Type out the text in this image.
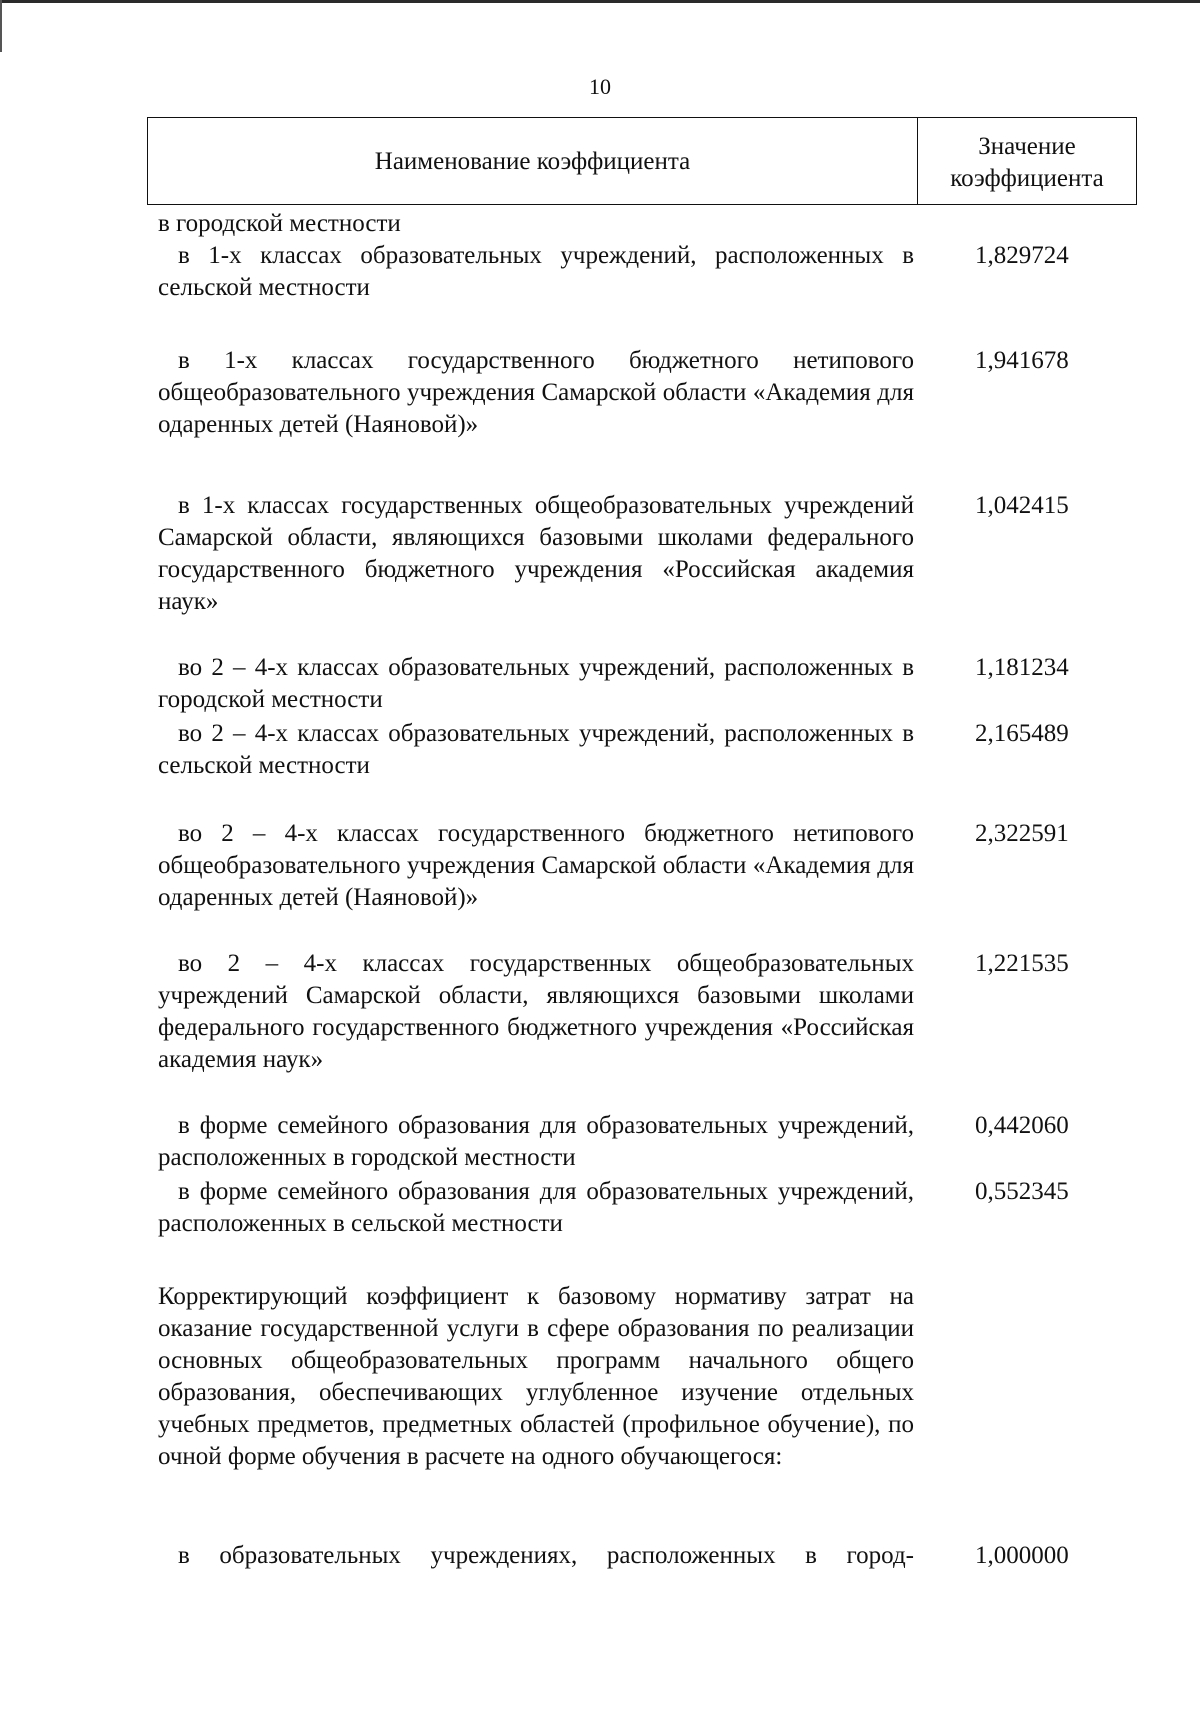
10
Наименование коэффициента
Значение
коэффициента
в городской местности
в 1-х классах образовательных учреждений, расположенных в сельской местности
1,829724
в 1-х классах государственного бюджетного нетипового общеобразовательного учреждения Самарской области «Академия для одаренных детей (Наяновой)»
1,941678
в 1-х классах государственных общеобразовательных учреждений Самарской области, являющихся базовыми школами федерального государственного бюджетного учреждения «Российская академия наук»
1,042415
во 2 – 4-х классах образовательных учреждений, расположенных в городской местности
1,181234
во 2 – 4-х классах образовательных учреждений, расположенных в сельской местности
2,165489
во 2 – 4-х классах государственного бюджетного нетипового общеобразовательного учреждения Самарской области «Академия для одаренных детей (Наяновой)»
2,322591
во 2 – 4-х классах государственных общеобразовательных учреждений Самарской области, являющихся базовыми школами федерального государственного бюджетного учреждения «Российская академия наук»
1,221535
в форме семейного образования для образовательных учреждений, расположенных в городской местности
0,442060
в форме семейного образования для образовательных учреждений, расположенных в сельской местности
0,552345
Корректирующий коэффициент к базовому нормативу затрат на оказание государственной услуги в сфере образования по реализации основных общеобразовательных программ начального общего образования, обеспечивающих углубленное изучение отдельных учебных предметов, предметных областей (профильное обучение), по очной форме обучения в расчете на одного обучающегося:
в образовательных учреждениях, расположенных в город- 1,000000
